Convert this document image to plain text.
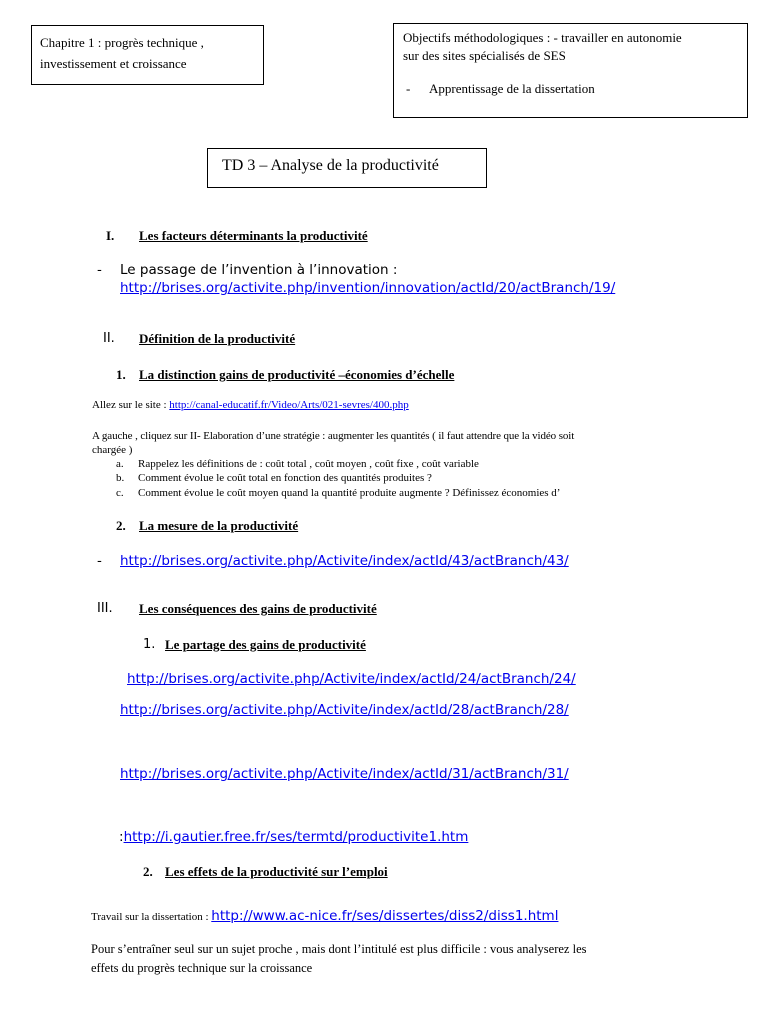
Chapitre 1 : progrès technique ,
investissement et croissance
Objectifs méthodologiques : - travailler en autonomie
sur des sites spécialisés de SES
- Apprentissage de la dissertation
TD 3 – Analyse de la productivité
I. Les facteurs déterminants la productivité
- Le passage de l’invention à l’innovation :
http://brises.org/activite.php/invention/innovation/actId/20/actBranch/19/
II. Définition de la productivité
1. La distinction gains de productivité –économies d’échelle
Allez sur le site : http://canal-educatif.fr/Video/Arts/021-sevres/400.php
A gauche , cliquez sur II- Elaboration d’une stratégie : augmenter les quantités ( il faut attendre que la vidéo soit
chargée )
a. Rappelez les définitions de : coût total , coût moyen , coût fixe , coût variable
b. Comment évolue le coût total en fonction des quantités produites ?
c. Comment évolue le coût moyen quand la quantité produite augmente ? Définissez économies d’
2. La mesure de la productivité
- http://brises.org/activite.php/Activite/index/actId/43/actBranch/43/
III. Les conséquences des gains de productivité
1. Le partage des gains de productivité
http://brises.org/activite.php/Activite/index/actId/24/actBranch/24/
http://brises.org/activite.php/Activite/index/actId/28/actBranch/28/
http://brises.org/activite.php/Activite/index/actId/31/actBranch/31/
:http://i.gautier.free.fr/ses/termtd/productivite1.htm
2. Les effets de la productivité sur l’emploi
Travail sur la dissertation : http://www.ac-nice.fr/ses/dissertes/diss2/diss1.html
Pour s’entraîner seul sur un sujet proche , mais dont l’intitulé est plus difficile : vous analyserez les
effets du progrès technique sur la croissance
